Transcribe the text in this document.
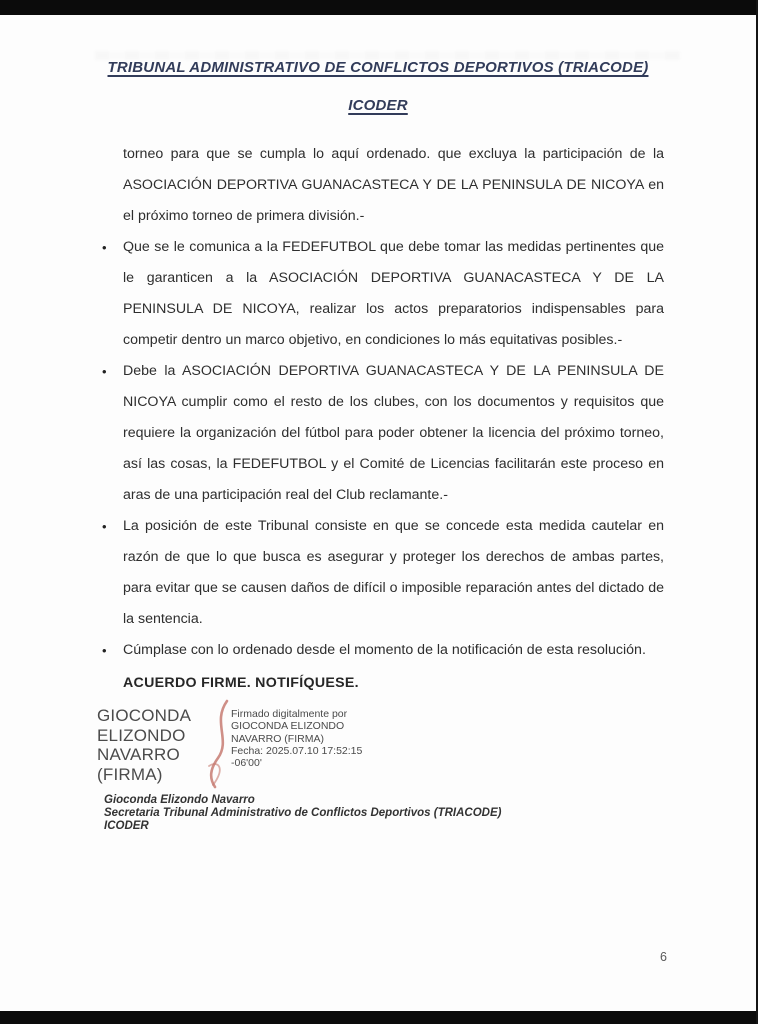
TRIBUNAL ADMINISTRATIVO DE CONFLICTOS DEPORTIVOS (TRIACODE)
ICODER

torneo para que se cumpla lo aquí ordenado. que excluya la participación de la ASOCIACIÓN DEPORTIVA GUANACASTECA Y DE LA PENINSULA DE NICOYA en el próximo torneo de primera división.-

• Que se le comunica a la FEDEFUTBOL que debe tomar las medidas pertinentes que le garanticen a la ASOCIACIÓN DEPORTIVA GUANACASTECA Y DE LA PENINSULA DE NICOYA, realizar los actos preparatorios indispensables para competir dentro un marco objetivo, en condiciones lo más equitativas posibles.-
• Debe la ASOCIACIÓN DEPORTIVA GUANACASTECA Y DE LA PENINSULA DE NICOYA cumplir como el resto de los clubes, con los documentos y requisitos que requiere la organización del fútbol para poder obtener la licencia del próximo torneo, así las cosas, la FEDEFUTBOL y el Comité de Licencias facilitarán este proceso en aras de una participación real del Club reclamante.-
• La posición de este Tribunal consiste en que se concede esta medida cautelar en razón de que lo que busca es asegurar y proteger los derechos de ambas partes, para evitar que se causen daños de difícil o imposible reparación antes del dictado de la sentencia.
• Cúmplase con lo ordenado desde el momento de la notificación de esta resolución.

ACUERDO FIRME. NOTIFÍQUESE.

GIOCONDA
ELIZONDO
NAVARRO (FIRMA)
Firmado digitalmente por
GIOCONDA ELIZONDO
NAVARRO (FIRMA)
Fecha: 2025.07.10 17:52:15
-06'00'
Gioconda Elizondo Navarro
Secretaria Tribunal Administrativo de Conflictos Deportivos (TRIACODE)
ICODER
6
